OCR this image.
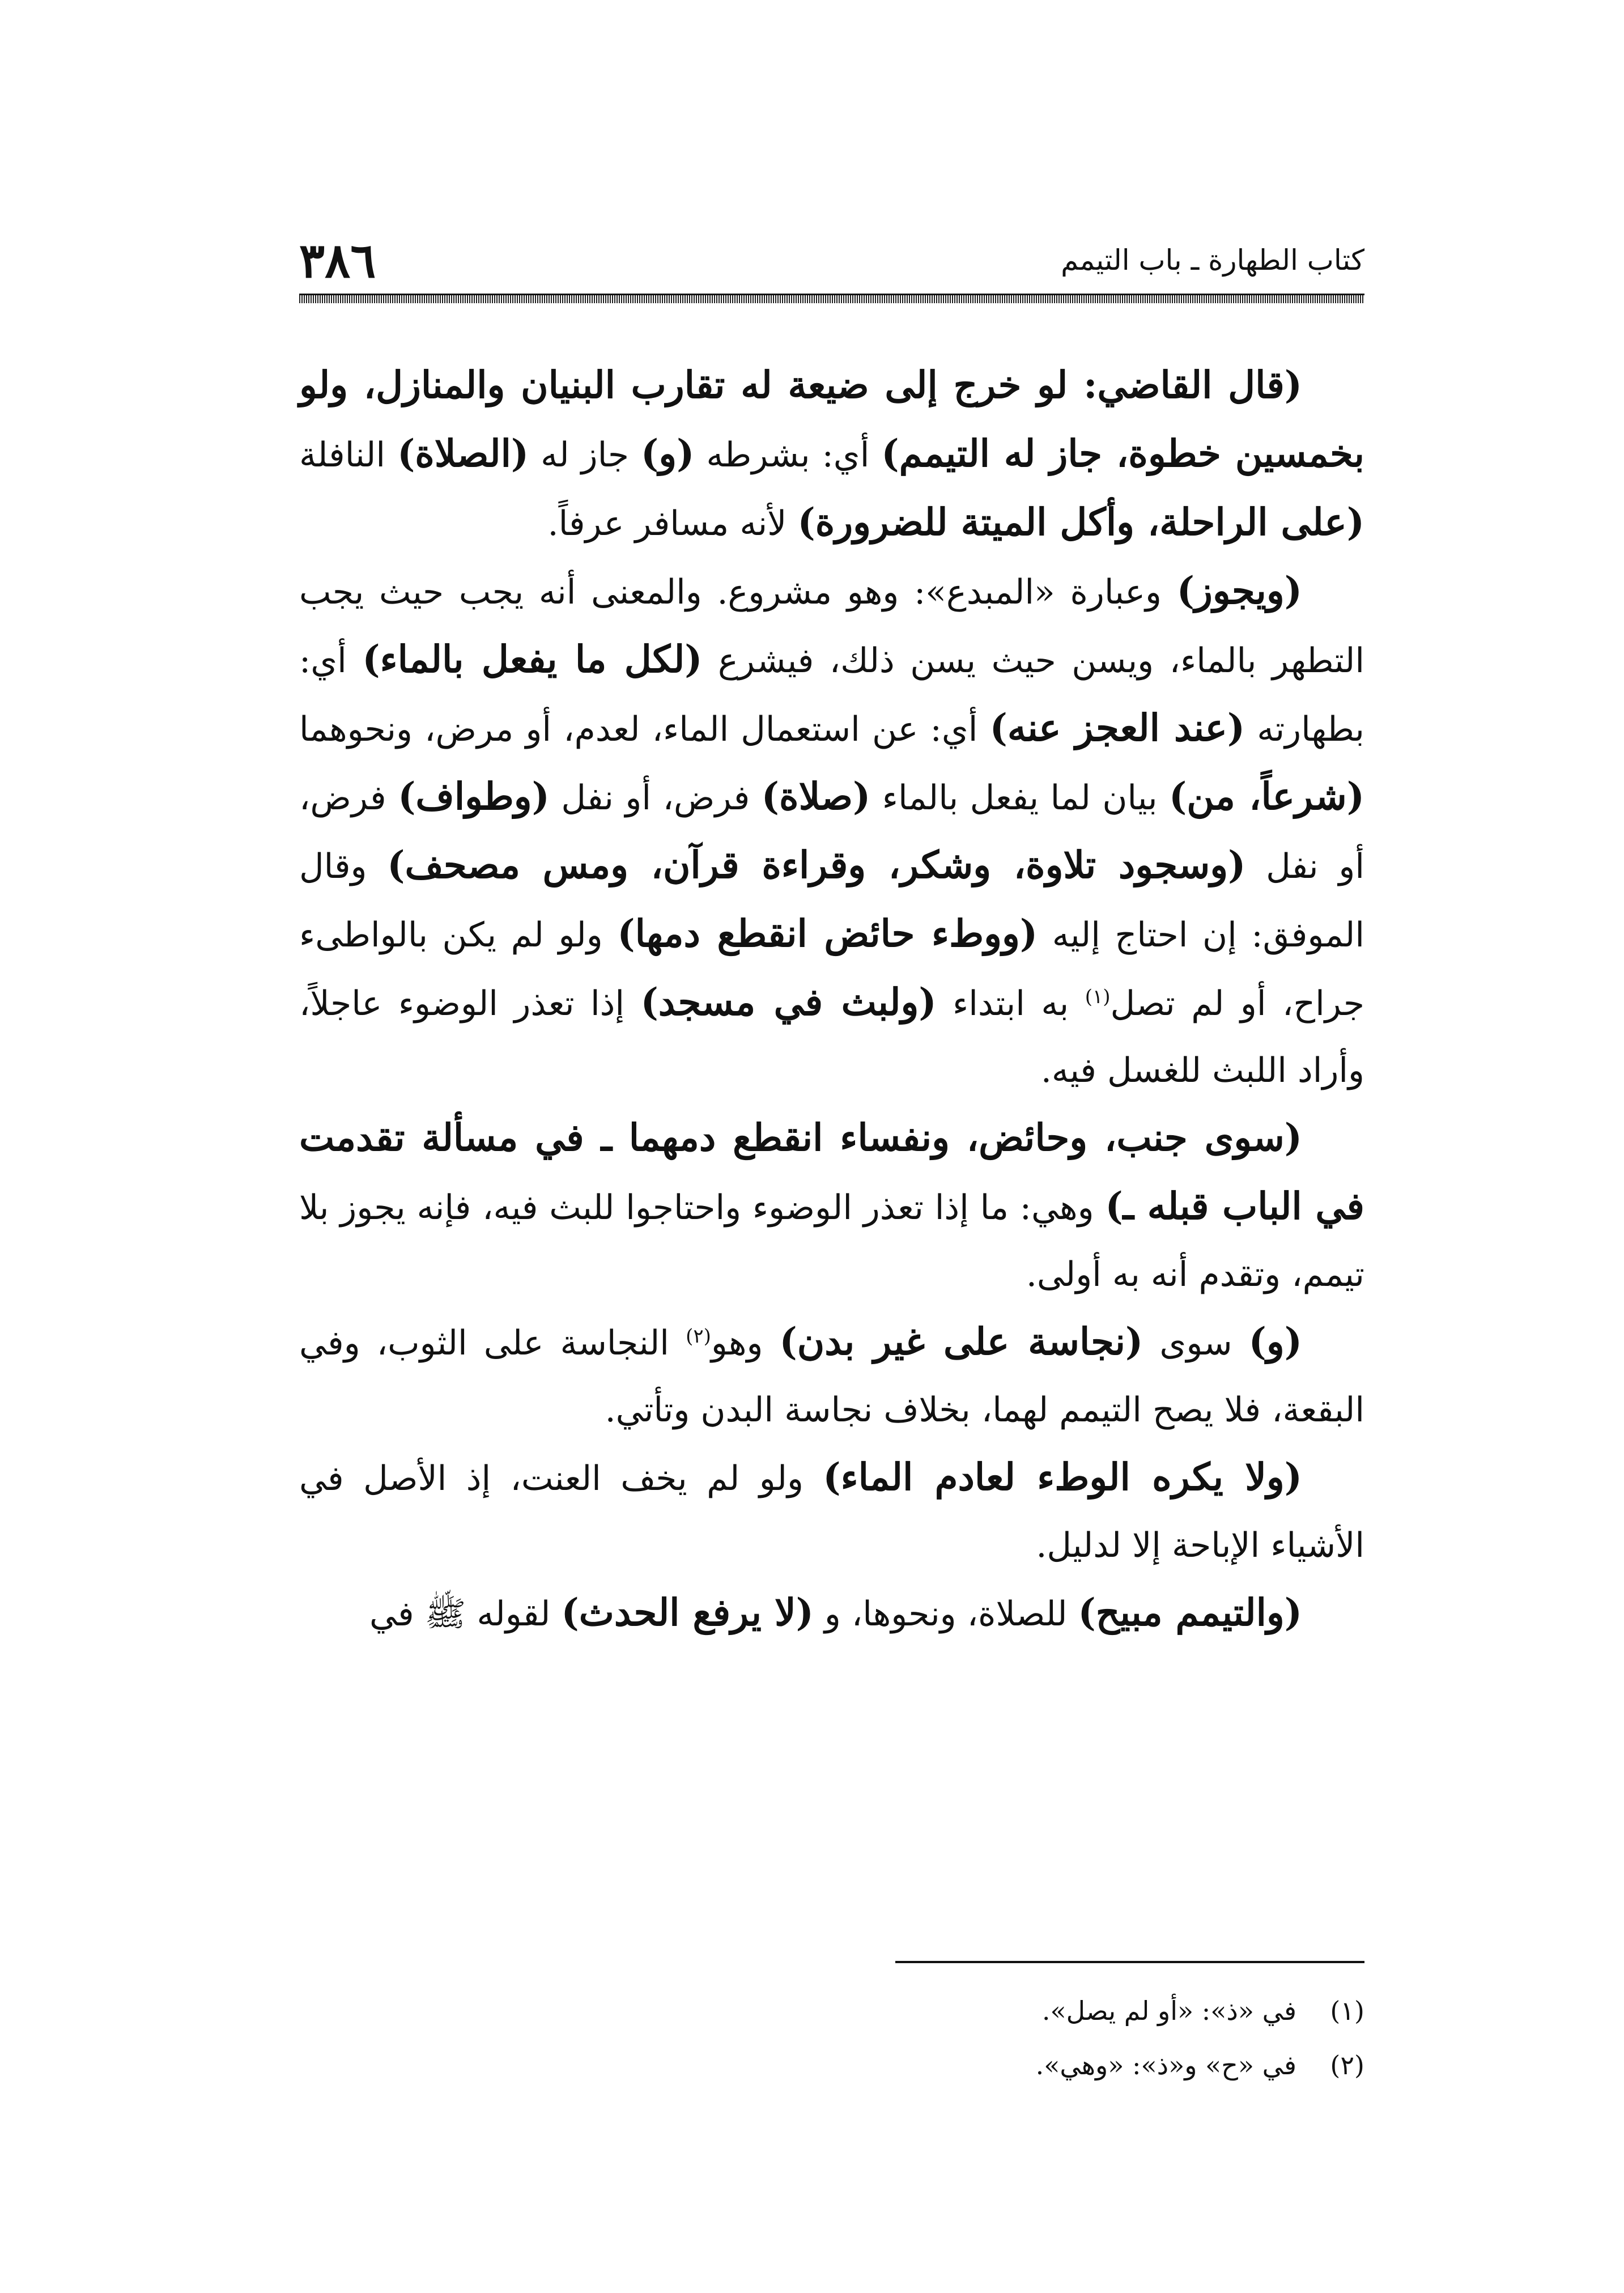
كتاب الطهارة ـ باب التيمم
٣٨٦

(قال القاضي: لو خرج إلى ضيعة له تقارب البنيان والمنازل، ولو بخمسين خطوة، جاز له التيمم) أي: بشرطه (و) جاز له (الصلاة) النافلة (على الراحلة، وأكل الميتة للضرورة) لأنه مسافر عرفاً.

(ويجوز) وعبارة «المبدع»: وهو مشروع. والمعنى أنه يجب حيث يجب التطهر بالماء، ويسن حيث يسن ذلك، فيشرع (لكل ما يفعل بالماء) أي: بطهارته (عند العجز عنه) أي: عن استعمال الماء، لعدم، أو مرض، ونحوهما (شرعاً، من) بيان لما يفعل بالماء (صلاة) فرض، أو نفل (وطواف) فرض، أو نفل (وسجود تلاوة، وشكر، وقراءة قرآن، ومس مصحف) وقال الموفق: إن احتاج إليه (ووطء حائض انقطع دمها) ولو لم يكن بالواطىء جراح، أو لم تصل$^{(١)}$ به ابتداء (ولبث في مسجد) إذا تعذر الوضوء عاجلاً، وأراد اللبث للغسل فيه.

(سوى جنب، وحائض، ونفساء انقطع دمهما ـ في مسألة تقدمت في الباب قبله ـ) وهي: ما إذا تعذر الوضوء واحتاجوا للبث فيه، فإنه يجوز بلا تيمم، وتقدم أنه به أولى.

(و) سوى (نجاسة على غير بدن) وهو$^{(٢)}$ النجاسة على الثوب، وفي البقعة، فلا يصح التيمم لهما، بخلاف نجاسة البدن وتأتي.

(ولا يكره الوطء لعادم الماء) ولو لم يخف العنت، إذ الأصل في الأشياء الإباحة إلا لدليل.

(والتيمم مبيح) للصلاة، ونحوها، و (لا يرفع الحدث) لقوله ﷺ في

(١)في «ذ»: «أو لم يصل».
(٢)في «ح» و«ذ»: «وهي».
